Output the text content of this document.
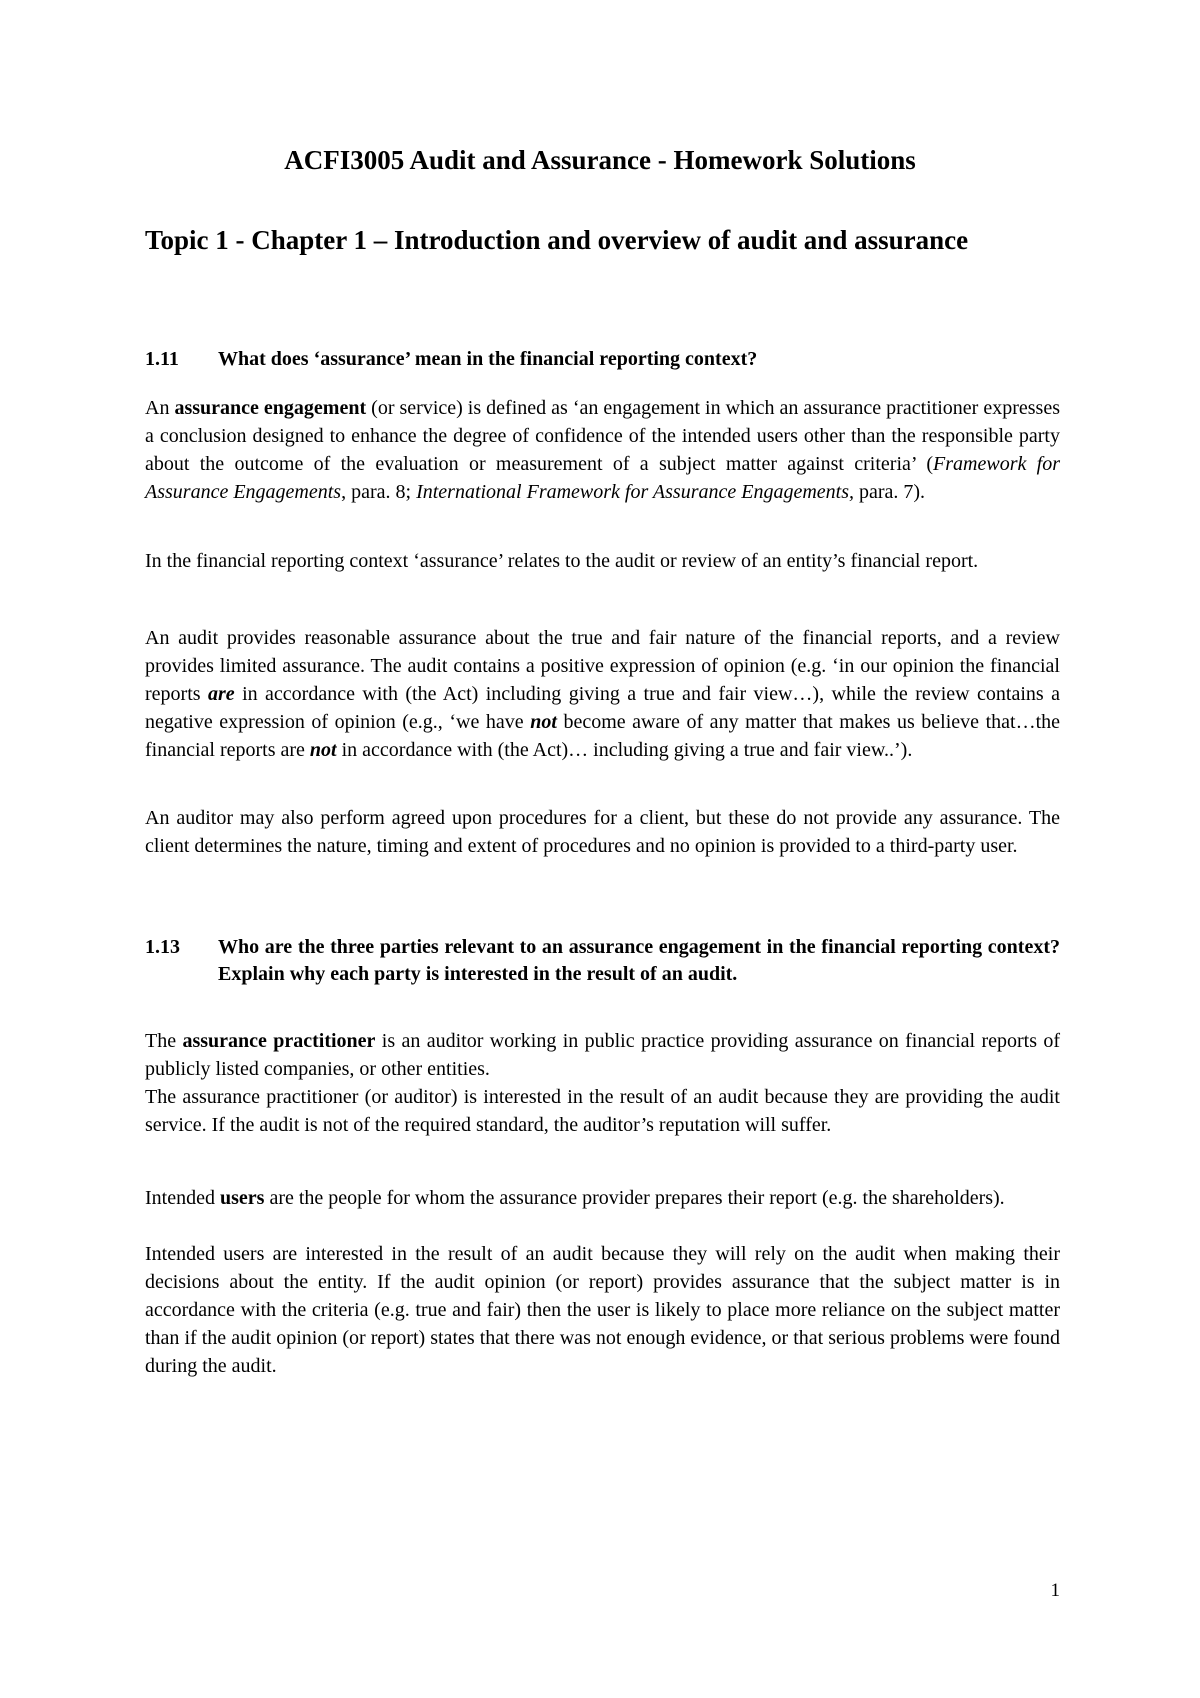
ACFI3005 Audit and Assurance - Homework Solutions
Topic 1 - Chapter 1 – Introduction and overview of audit and assurance
1.11	What does ‘assurance’ mean in the financial reporting context?

An assurance engagement (or service) is defined as ‘an engagement in which an assurance practitioner expresses a conclusion designed to enhance the degree of confidence of the intended users other than the responsible party about the outcome of the evaluation or measurement of a subject matter against criteria’ (Framework for Assurance Engagements, para. 8; International Framework for Assurance Engagements, para. 7).

In the financial reporting context ‘assurance’ relates to the audit or review of an entity’s financial report.

An audit provides reasonable assurance about the true and fair nature of the financial reports, and a review provides limited assurance. The audit contains a positive expression of opinion (e.g. ‘in our opinion the financial reports are in accordance with (the Act) including giving a true and fair view…), while the review contains a negative expression of opinion (e.g., ‘we have not become aware of any matter that makes us believe that…the financial reports are not in accordance with (the Act)… including giving a true and fair view..’).

An auditor may also perform agreed upon procedures for a client, but these do not provide any assurance. The client determines the nature, timing and extent of procedures and no opinion is provided to a third-party user.

1.13	Who are the three parties relevant to an assurance engagement in the financial reporting context? Explain why each party is interested in the result of an audit.

The assurance practitioner is an auditor working in public practice providing assurance on financial reports of publicly listed companies, or other entities.

The assurance practitioner (or auditor) is interested in the result of an audit because they are providing the audit service. If the audit is not of the required standard, the auditor’s reputation will suffer.

Intended users are the people for whom the assurance provider prepares their report (e.g. the shareholders).

Intended users are interested in the result of an audit because they will rely on the audit when making their decisions about the entity. If the audit opinion (or report) provides assurance that the subject matter is in accordance with the criteria (e.g. true and fair) then the user is likely to place more reliance on the subject matter than if the audit opinion (or report) states that there was not enough evidence, or that serious problems were found during the audit.

1
